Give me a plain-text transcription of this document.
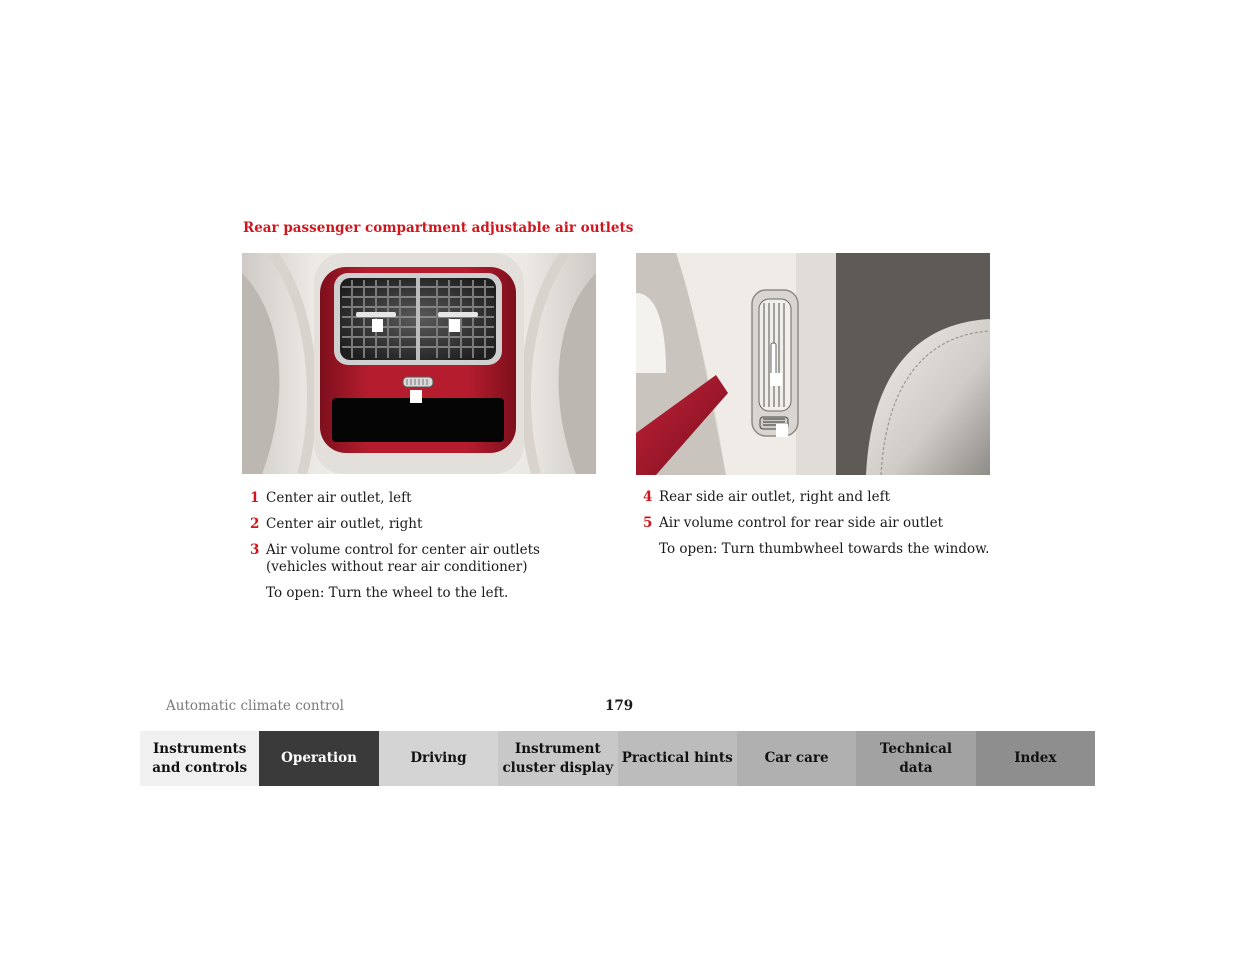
Rear passenger compartment adjustable air outlets
1 Center air outlet, left
2 Center air outlet, right
3 Air volume control for center air outlets
(vehicles without rear air conditioner)
To open: Turn the wheel to the left.
4 Rear side air outlet, right and left
5 Air volume control for rear side air outlet
To open: Turn thumbwheel towards the window.
Automatic climate control	179
Instruments
and controls
Operation	Driving
Instrument
cluster display
Practical hints	Car care
Technical
data
Index
